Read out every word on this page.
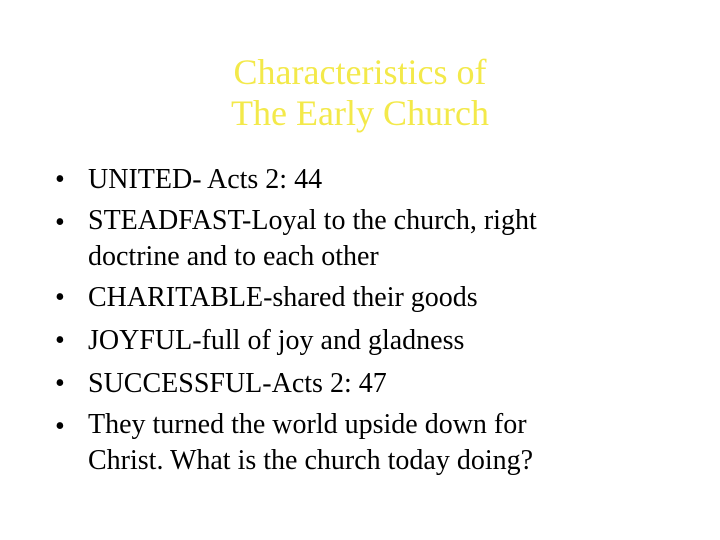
Characteristics of
The Early Church
• UNITED- Acts 2: 44
• STEADFAST-Loyal to the church, right
doctrine and to each other
• CHARITABLE-shared their goods
• JOYFUL-full of joy and gladness
• SUCCESSFUL-Acts 2: 47
• They turned the world upside down for
Christ. What is the church today doing?
